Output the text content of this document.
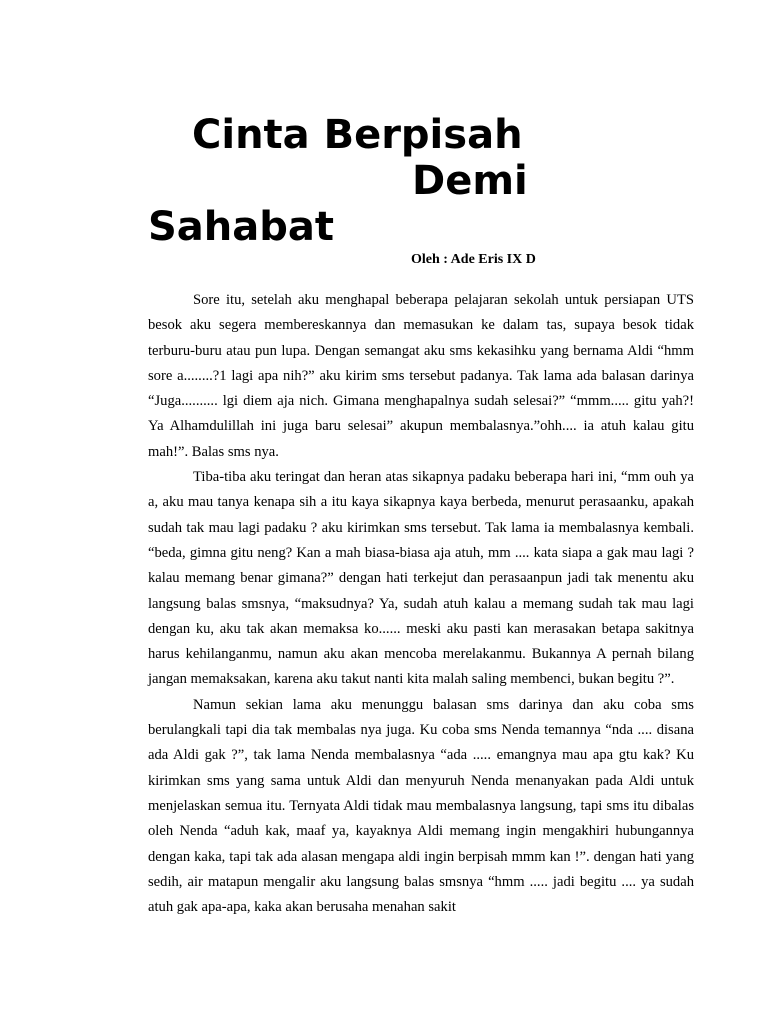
Cinta Berpisah
Demi
Sahabat

Oleh : Ade Eris IX D

Sore itu, setelah aku menghapal beberapa pelajaran sekolah untuk persiapan UTS besok aku segera membereskannya dan memasukan ke dalam tas, supaya besok tidak terburu-buru atau pun lupa. Dengan semangat aku sms kekasihku yang bernama Aldi “hmm sore a........?1 lagi apa nih?” aku kirim sms tersebut padanya. Tak lama ada balasan darinya “Juga.......... lgi diem aja nich. Gimana menghapalnya sudah selesai?” “mmm..... gitu yah?! Ya Alhamdulillah ini juga baru selesai” akupun membalasnya.”ohh.... ia atuh kalau gitu mah!”. Balas sms nya.

Tiba-tiba aku teringat dan heran atas sikapnya padaku beberapa hari ini, “mm ouh ya a, aku mau tanya kenapa sih a itu kaya sikapnya kaya berbeda, menurut perasaanku, apakah sudah tak mau lagi padaku ? aku kirimkan sms tersebut. Tak lama ia membalasnya kembali. “beda, gimna gitu neng? Kan a mah biasa-biasa aja atuh, mm .... kata siapa a gak mau lagi ? kalau memang benar gimana?” dengan hati terkejut dan perasaanpun jadi tak menentu aku langsung balas smsnya, “maksudnya? Ya, sudah atuh kalau a memang sudah tak mau lagi dengan ku, aku tak akan memaksa ko...... meski aku pasti kan merasakan betapa sakitnya harus kehilanganmu, namun aku akan mencoba merelakanmu. Bukannya A pernah bilang jangan memaksakan, karena aku takut nanti kita malah saling membenci, bukan begitu ?”.

Namun sekian lama aku menunggu balasan sms darinya dan aku coba sms berulangkali tapi dia tak membalas nya juga. Ku coba sms Nenda temannya “nda .... disana ada Aldi gak ?”, tak lama Nenda membalasnya “ada ..... emangnya mau apa gtu kak? Ku kirimkan sms yang sama untuk Aldi dan menyuruh Nenda menanyakan pada Aldi untuk menjelaskan semua itu. Ternyata Aldi tidak mau membalasnya langsung, tapi sms itu dibalas oleh Nenda “aduh kak, maaf ya, kayaknya Aldi memang ingin mengakhiri hubungannya dengan kaka, tapi tak ada alasan mengapa aldi ingin berpisah mmm kan !”. dengan hati yang sedih, air matapun mengalir aku langsung balas smsnya “hmm ..... jadi begitu .... ya sudah atuh gak apa-apa, kaka akan berusaha menahan sakit
